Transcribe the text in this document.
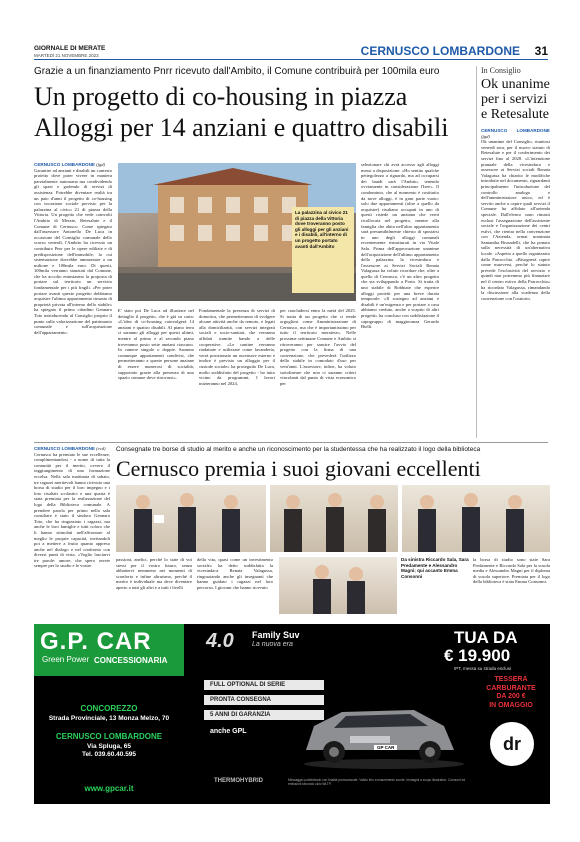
GIORNALE DI MERATE
MARTEDÌ 21 NOVEMBRE 2023	CERNUSCO LOMBARDONE 31
Grazie a un finanziamento Pnrr ricevuto dall'Ambito, il Comune contribuirà per 100mila euro
Un progetto di co-housing in piazza
Alloggi per 14 anziani e quattro disabili
CERNUSCO LOMBARDONE (fgd)
Garantire ad anziani e disabili un contesto protetto dove poter vivere in maniera parzialmente autonoma ma condividendo gli spazi e godendo di servizi di assistenza. Potrebbe diventare realtà tra un paio d'anni il progetto di co-housing con vocazione sociale previsto per la palazzina al civico 21 di piazza della Vittoria. Un progetto che vede coinvolti l'Ambito di Merate, Retesalute e il Comune di Cernusco. Come spiegato dall'assessore Antonello De Luca in occasione del Consiglio comunale dello scorso venerdì, l'Ambito ha ricevuto un contributo Pnrr per le opere edilizie e di predisposizione dell'immobile, la cui sistemazione dovrebbe ammontare a un milione e 100mila euro. Di questi, 100mila verranno stanziati dal Comune, che ha accolto entusiasmo la proposta di portare sul territorio un servizio fondamentale per i più fragili. «Per poter portare avanti questo progetto dobbiamo acquisire l'ultimo appartamento rimasto di proprietà privata all'interno dello stabile» ha spiegato il primo cittadino Gennaro Toto introducendo al Consiglio proprio il punto sulla valorizzazione del patrimonio comunale e sull'acquisizione dell'appartamento.
La palazzina al civico 21 di piazza della Vittoria dove troveranno posto gli alloggi per gli anziani e i disabili, all'interno di un progetto portato avanti dall'Ambito
E' stato poi De Luca ad illustrare nel dettaglio il progetto, che è già su carta: «L'idea di co-housing coinvolgerà 14 anziani e quattro disabili. Al piano terra ci saranno gli alloggi per questi ultimi, mentre al primo e al secondo piano troveranno posto sette anziani ciascuno. In camere singole o doppie. Saranno comunque appartamenti condivisi, che permetteranno a queste persone anziane di essere numerosi di socialità, supportato grazie alla presenza di uno spazio comune dove ritrovarsi».
Fondamentale la presenza di servizi di domotica, che permetteranno di svolgere alcune attività anche da remoto, e legati alla domiciliarità, con servizi integrati sociali e socio-sanitari, che verranno affidati tramite bando a delle cooperative. «Le cantine verranno riadattate e utilizzate come lavanderia, verrà posizionato un ascensore esterno e inoltre è previsto un alloggio per il custode sociale» ha proseguito De Luca, molto soddisfatto del progetto - ho tutto vicino da programmi, I lavori inizieranno nel 2024,
per concludersi entro la metà del 2025. Si tratta di un progetto che ci rende orgogliosi come Amministrazione di Cernusco, ma che è importantissimo per tutto il territorio meratese». Nelle prossime settimane Comune e Ambito si ritroveranno per sancire l'avvio del progetto con la firma di una convenzione, che prevederà l'utilizzo dello stabile in comodato d'uso per vent'anni. L'assessore, infine, ha voluto sottolineare che non ci saranno criteri vincolanti dal punto di vista economico per
selezionare chi avrà accesso agli alloggi messi a disposizione: «Ho sentito qualche pettegolezzo a riguardo, ma ad occuparsi dei bandi sarà l'Ambito, tenendo ovviamente in considerazione l'Isee». Il condominio, che al momento è costituito da nove alloggi, è in gran parte vuoto: solo due appartamenti (oltre a quello da acquisire) risultano occupati in uno di questi risiede un anziana che verrà ricollocata nel progetto, mentre alla famiglia che abita nell'altro appartamento sarà presumibilmente chiesto di spostarsi in uno degli alloggi comunali recentemente ristrutturati in via Vitale Sala. Prima dell'approvazione unanime dell'acquisizione dell'ultimo appartamento della palazzina, la vicesindaca e l'assessore ai Servizi Sociali Renata Valagussa ha voluto ricordare che, oltre a quello di Cernusco, c'è un altro progetto che sta sviluppando a Porto. Si tratta di uno stabile di Robbiate che esperire alloggi protetti per una breve durata temporale. «Il sostegno ad anziani e disabili è un'esigenza e per portare a casa abbiamo creduto, anche a scapito di altri progetti» ha concluso con soddisfazione il capogruppo di maggioranza Gerardo Bielli.
In Consiglio
Ok unanime per i servizi e Retesalute
CERNUSCO LOMBARDONE (fgd)
Ok unanime del Consiglio, riunitosi venerdì sera, per il nuovo statuto di Retesalute e per il conferimento dei servizi fino al 2028. «L'intenzione pianuale della vicesindaca e assessore ai Servizi sociali Renata Valagussa ha chiarito le modifiche introdotte nel documento, riguardanti principalmente l'introduzione del controllo analogo e dell'amministratore unico, ed è servito anche a capire quali servizi il Comune ha affidato all'azienda speciale. Dall'elenco sono rimasti esclusi l'assegnazione dell'assistente sociale e l'organizzazione dei centri estivi, che rientra nella convenzione con l'Azienda, ormai nominata Samantha Brusadelli, che ha ponuto sulla necessità di un'alternativa locale. «Aspetto a quello organizzato dalla Parrocchia. «Bisognerà capire come muoversi, perché lo statuto prevede l'esclusività del servizio e quindi non potremmo più finanziare nel il centro estivo della Parrocchia» ha ricordato Valagussa, rimandando la discussione alla scadenza della convenzione con l'oratorio.
CERNUSCO LOMBARDONE (ecd)
Cernusco ha premiato le sue eccellenze, complimentandosi - a nome di tutta la comunità per il merito, ovvero il raggiungimento di una formazione eccelsa. Nella sala mattinata di sabato, tre ragazzi meritevoli hanno ricevuto una borsa di studio per il loro impegno e i loro risultati scolastici e una quarta è stata premiata per la realizzazione del logo della Biblioteca comunale. A prendere parola per primo nella sala consiliare è stato il sindaco Gennaro Toto, che ha ringraziato i ragazzi, ma anche le loro famiglie e tutti coloro che li hanno stimolati nell'affrontare al meglio le proprie capacità, invitandoli poi a mettere a frutto quanto appreso anche nel dialogo e nel confronto con diversi punti di vista. «Voglio lasciarvi tre parole: amore, che spero avrete sempre per lo studio e le vostre
Consegnate tre borse di studio al merito e anche un riconoscimento per la studentessa che ha realizzato il logo della biblioteca
Cernusco premia i suoi giovani eccellenti
passioni, anelici, perché lo siate di voi stessi per il vostro futuro, senza abbattervi nemmeno nei momenti di sconforto e infine altruismo, perché il merito è individuale ma deve diventare aperto a tutti gli altri e a tutti i livelli
della vita, quasi come un investimento sociale» ha detto soddisfatta la vicesindaca Renata Valagussa, ringraziando anche gli insegnanti che hanno guidato i ragazzi nel loro percorso. I giovani che hanno ricevuto
Da sinistra Riccardo Sala, Sara Predamente e Alessandro Magni; qui accanto Emma Consonni
la borsa di studio sono state Sara Predamente e Riccardo Sala per la scuola media e Alessandro Magni per il diploma di scuola superiore. Premiata per il logo della biblioteca è stata Emma Consonni.
G.P. CAR
Green Power CONCESSIONARIA
CONCOREZZO
Strada Provinciale, 13 Monza Melzo, 70
CERNUSCO LOMBARDONE
Via Spluga, 65
Tel. 039.60.40.595
www.gpcar.it
4.0 Family Suv
La nuova era
FULL OPTIONAL DI SERIE
PRONTA CONSEGNA
5 ANNI DI GARANZIA
anche GPL
GP CAR
TUA DA
€ 19.900
IPT, messa su strada esclusi
TESSERA
CARBURANTE
DA 200 €
IN OMAGGIO
dr
THERMOHYBRID	Messaggio pubblicitario con finalità promozionale. Valido fino a esaurimento scorte. Immagini a scopo illustrativo. Consumi ed emissioni secondo ciclo WLTP.
